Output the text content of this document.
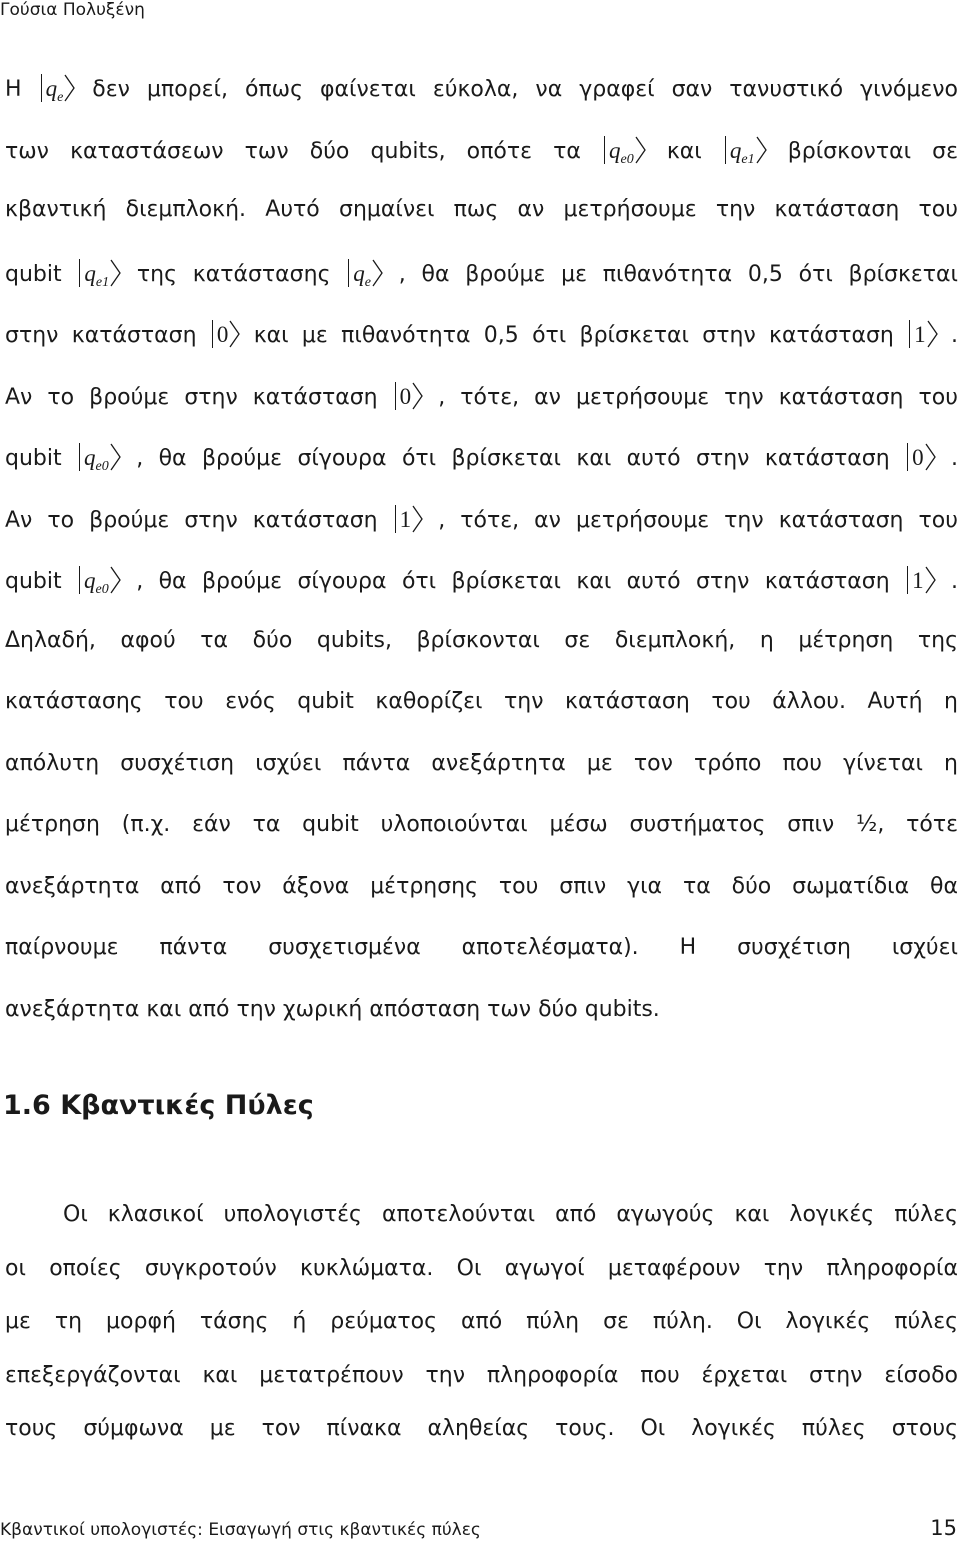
Γούσια Πολυξένη
Η $q_e$ δεν μπορεί, όπως φαίνεται εύκολα, να γραφεί σαν τανυστικό γινόμενο
των καταστάσεων των δύο qubits, οπότε τα $q_{e0}$ και $q_{e1}$ βρίσκονται σε
κβαντική διεμπλοκή. Αυτό σημαίνει πως αν μετρήσουμε την κατάσταση του
qubit $q_{e1}$ της κατάστασης $q_e$ , θα βρούμε με πιθανότητα 0,5 ότι βρίσκεται
στην κατάσταση 0 και με πιθανότητα 0,5 ότι βρίσκεται στην κατάσταση 1 .
Αν το βρούμε στην κατάσταση 0 , τότε, αν μετρήσουμε την κατάσταση του
qubit $q_{e0}$ , θα βρούμε σίγουρα ότι βρίσκεται και αυτό στην κατάσταση 0 .
Αν το βρούμε στην κατάσταση 1 , τότε, αν μετρήσουμε την κατάσταση του
qubit $q_{e0}$ , θα βρούμε σίγουρα ότι βρίσκεται και αυτό στην κατάσταση 1 .
Δηλαδή, αφού τα δύο qubits, βρίσκονται σε διεμπλοκή, η μέτρηση της
κατάστασης του ενός qubit καθορίζει την κατάσταση του άλλου. Αυτή η
απόλυτη συσχέτιση ισχύει πάντα ανεξάρτητα με τον τρόπο που γίνεται η
μέτρηση (π.χ. εάν τα qubit υλοποιούνται μέσω συστήματος σπιν ½, τότε
ανεξάρτητα από τον άξονα μέτρησης του σπιν για τα δύο σωματίδια θα
παίρνουμε πάντα συσχετισμένα αποτελέσματα). Η συσχέτιση ισχύει
ανεξάρτητα και από την χωρική απόσταση των δύο qubits.
1.6 Κβαντικές Πύλες
Οι κλασικοί υπολογιστές αποτελούνται από αγωγούς και λογικές πύλες
οι οποίες συγκροτούν κυκλώματα. Οι αγωγοί μεταφέρουν την πληροφορία
με τη μορφή τάσης ή ρεύματος από πύλη σε πύλη. Οι λογικές πύλες
επεξεργάζονται και μετατρέπουν την πληροφορία που έρχεται στην είσοδο
τους σύμφωνα με τον πίνακα αληθείας τους. Οι λογικές πύλες στους
Κβαντικοί υπολογιστές: Εισαγωγή στις κβαντικές πύλες	15
